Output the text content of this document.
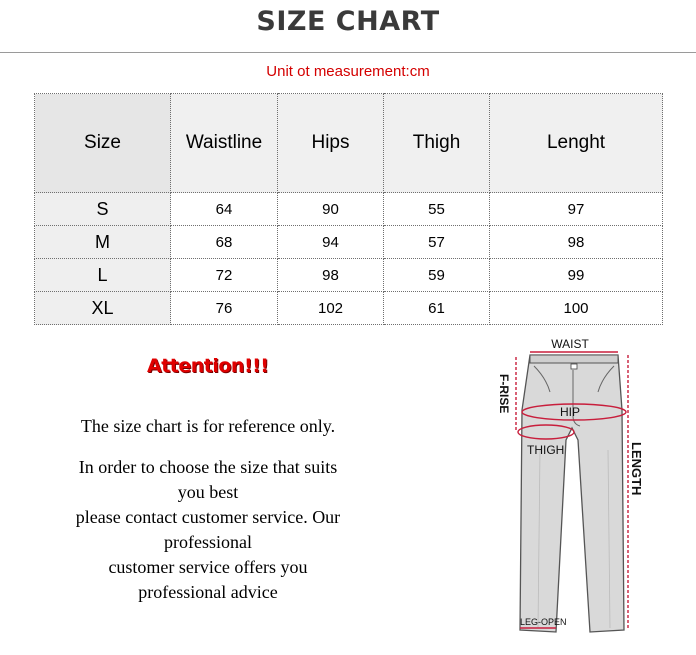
SIZE CHART
Unit ot measurement:cm
Size	Waistline	Hips	Thigh	Lenght
S	64	90	55	97
M	68	94	57	98
L	72	98	59	99
XL	76	102	61	100
Attention!!!
The size chart is for reference only.
In order to choose the size that suits
you best
please contact customer service. Our
professional
customer service offers you
professional advice
WAIST
F-RISE	HIP
THIGH	LENGTH
LEG-OPEN
